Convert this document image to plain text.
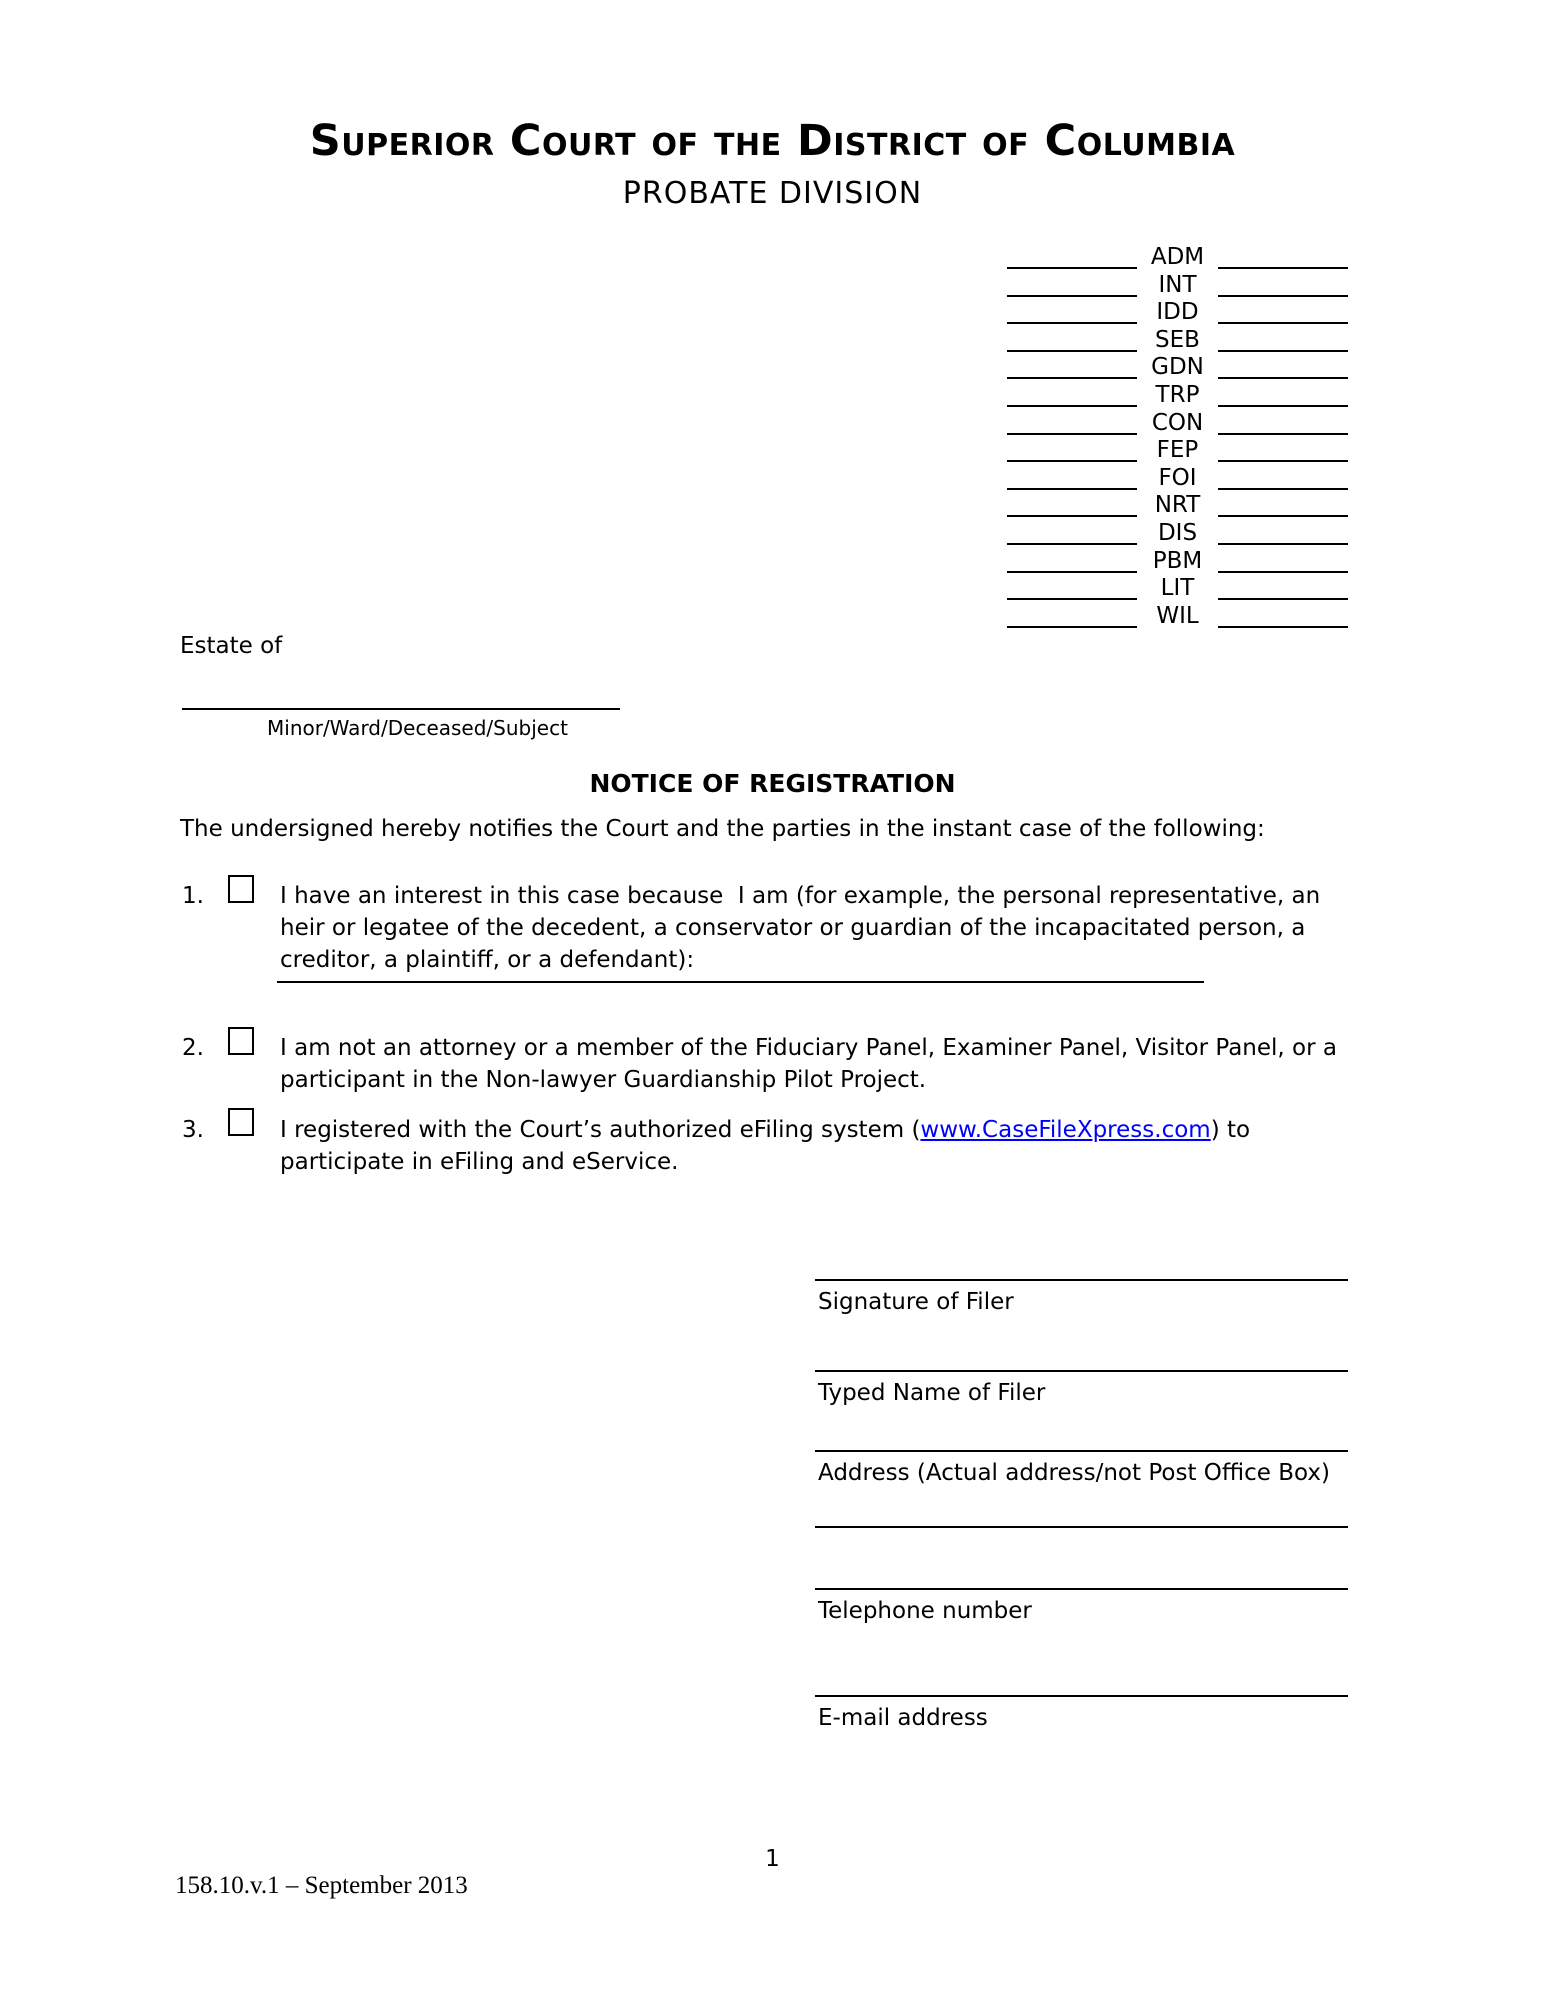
Superior Court of the District of Columbia
PROBATE DIVISION
ADM
INT
IDD
SEB
GDN
TRP
CON
FEP
FOI
NRT
DIS
PBM
LIT
WIL
Estate of
Minor/Ward/Deceased/Subject
NOTICE OF REGISTRATION
The undersigned hereby notifies the Court and the parties in the instant case of the following:
1.	I have an interest in this case because  I am (for example, the personal representative, an
heir or legatee of the decedent, a conservator or guardian of the incapacitated person, a
creditor, a plaintiff, or a defendant):
2.	I am not an attorney or a member of the Fiduciary Panel, Examiner Panel, Visitor Panel, or a
participant in the Non-lawyer Guardianship Pilot Project.
3.	I registered with the Court’s authorized eFiling system (www.CaseFileXpress.com) to
participate in eFiling and eService.
Signature of Filer
Typed Name of Filer
Address (Actual address/not Post Office Box)
Telephone number
E-mail address
1
158.10.v.1 – September 2013
